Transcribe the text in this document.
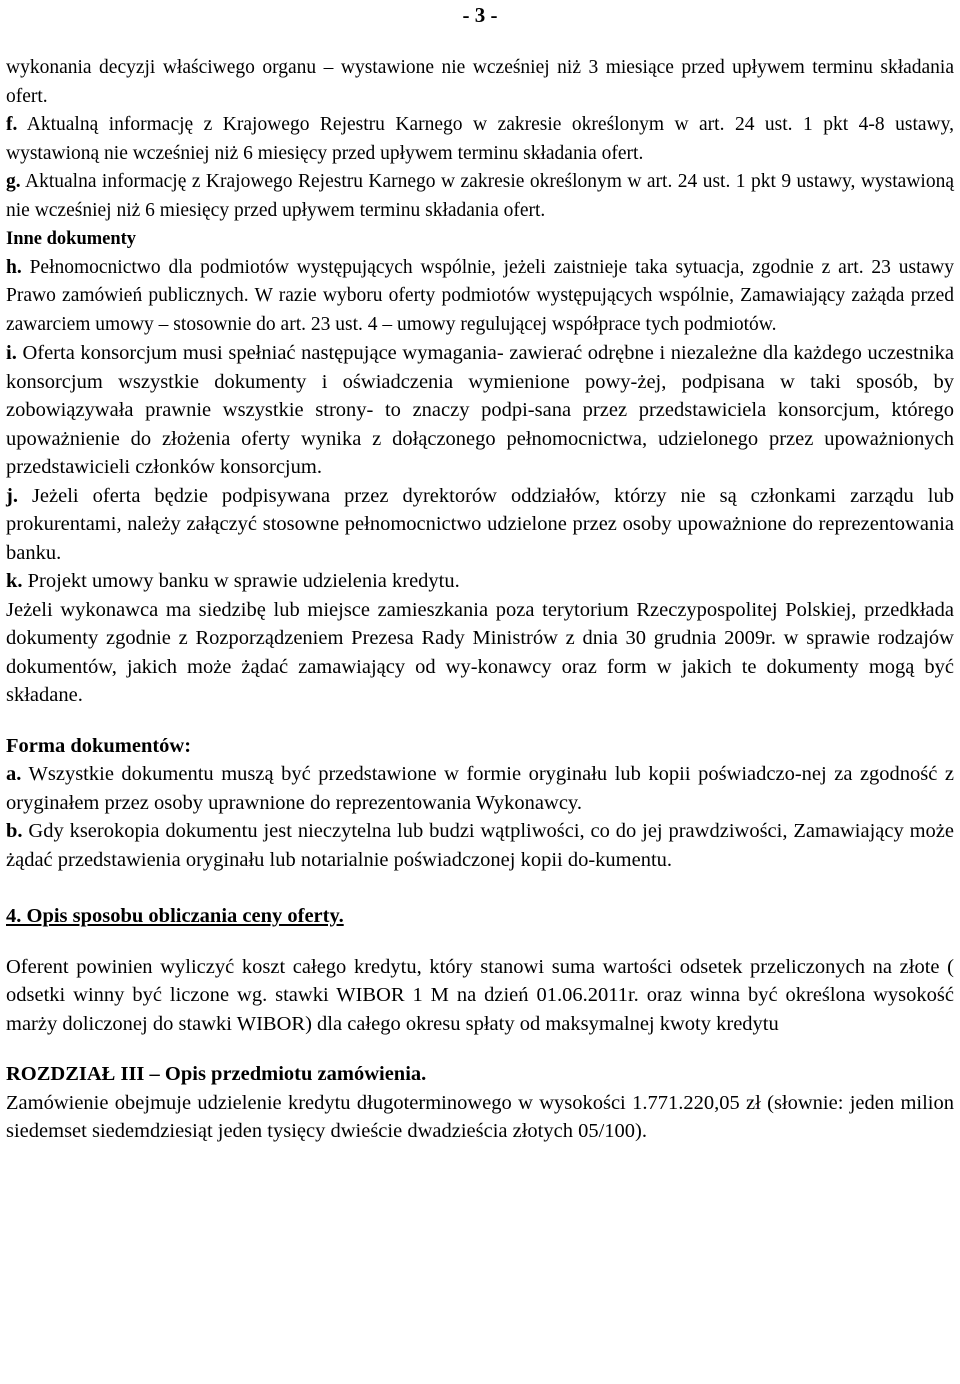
- 3 -

wykonania decyzji właściwego organu – wystawione nie wcześniej niż 3 miesiące przed upływem terminu składania ofert.

f. Aktualną informację z Krajowego Rejestru Karnego w zakresie określonym w art. 24 ust. 1 pkt 4-8 ustawy, wystawioną nie wcześniej niż 6 miesięcy przed upływem terminu składania ofert.

g. Aktualna informację z Krajowego Rejestru Karnego w zakresie określonym w art. 24 ust. 1 pkt 9 ustawy, wystawioną nie wcześniej niż 6 miesięcy przed upływem terminu składania ofert.

Inne dokumenty

h. Pełnomocnictwo dla podmiotów występujących wspólnie, jeżeli zaistnieje taka sytuacja, zgodnie z art. 23 ustawy Prawo zamówień publicznych. W razie wyboru oferty podmiotów występujących wspólnie, Zamawiający zażąda przed zawarciem umowy – stosownie do art. 23 ust. 4 – umowy regulującej współprace tych podmiotów.

i. Oferta konsorcjum musi spełniać następujące wymagania- zawierać odrębne i niezależne dla każdego uczestnika konsorcjum wszystkie dokumenty i oświadczenia wymienione powy-żej, podpisana w taki sposób, by zobowiązywała prawnie wszystkie strony- to znaczy podpi-sana przez przedstawiciela konsorcjum, którego upoważnienie do złożenia oferty wynika z dołączonego pełnomocnictwa, udzielonego przez upoważnionych przedstawicieli członków konsorcjum.

j. Jeżeli oferta będzie podpisywana przez dyrektorów oddziałów, którzy nie są członkami zarządu lub prokurentami, należy załączyć stosowne pełnomocnictwo udzielone przez osoby upoważnione do reprezentowania banku.

k. Projekt umowy banku w sprawie udzielenia kredytu.

Jeżeli wykonawca ma siedzibę lub miejsce zamieszkania poza terytorium Rzeczypospolitej Polskiej, przedkłada dokumenty zgodnie z Rozporządzeniem Prezesa Rady Ministrów z dnia 30 grudnia 2009r. w sprawie rodzajów dokumentów, jakich może żądać zamawiający od wy-konawcy oraz form w jakich te dokumenty mogą być składane.

Forma dokumentów:

a. Wszystkie dokumentu muszą być przedstawione w formie oryginału lub kopii poświadczo-nej za zgodność z oryginałem przez osoby uprawnione do reprezentowania Wykonawcy.

b. Gdy kserokopia dokumentu jest nieczytelna lub budzi wątpliwości, co do jej prawdziwości, Zamawiający może żądać przedstawienia oryginału lub notarialnie poświadczonej kopii do-kumentu.

4. Opis sposobu obliczania ceny oferty.

Oferent powinien wyliczyć koszt całego kredytu, który stanowi suma wartości odsetek przeliczonych na złote ( odsetki winny być liczone wg. stawki WIBOR 1 M na dzień 01.06.2011r. oraz winna być określona wysokość marży doliczonej do stawki WIBOR) dla całego okresu spłaty od maksymalnej kwoty kredytu

ROZDZIAŁ III – Opis przedmiotu zamówienia.

Zamówienie obejmuje udzielenie kredytu długoterminowego w wysokości 1.771.220,05 zł (słownie: jeden milion siedemset siedemdziesiąt jeden tysięcy dwieście dwadzieścia złotych 05/100).
